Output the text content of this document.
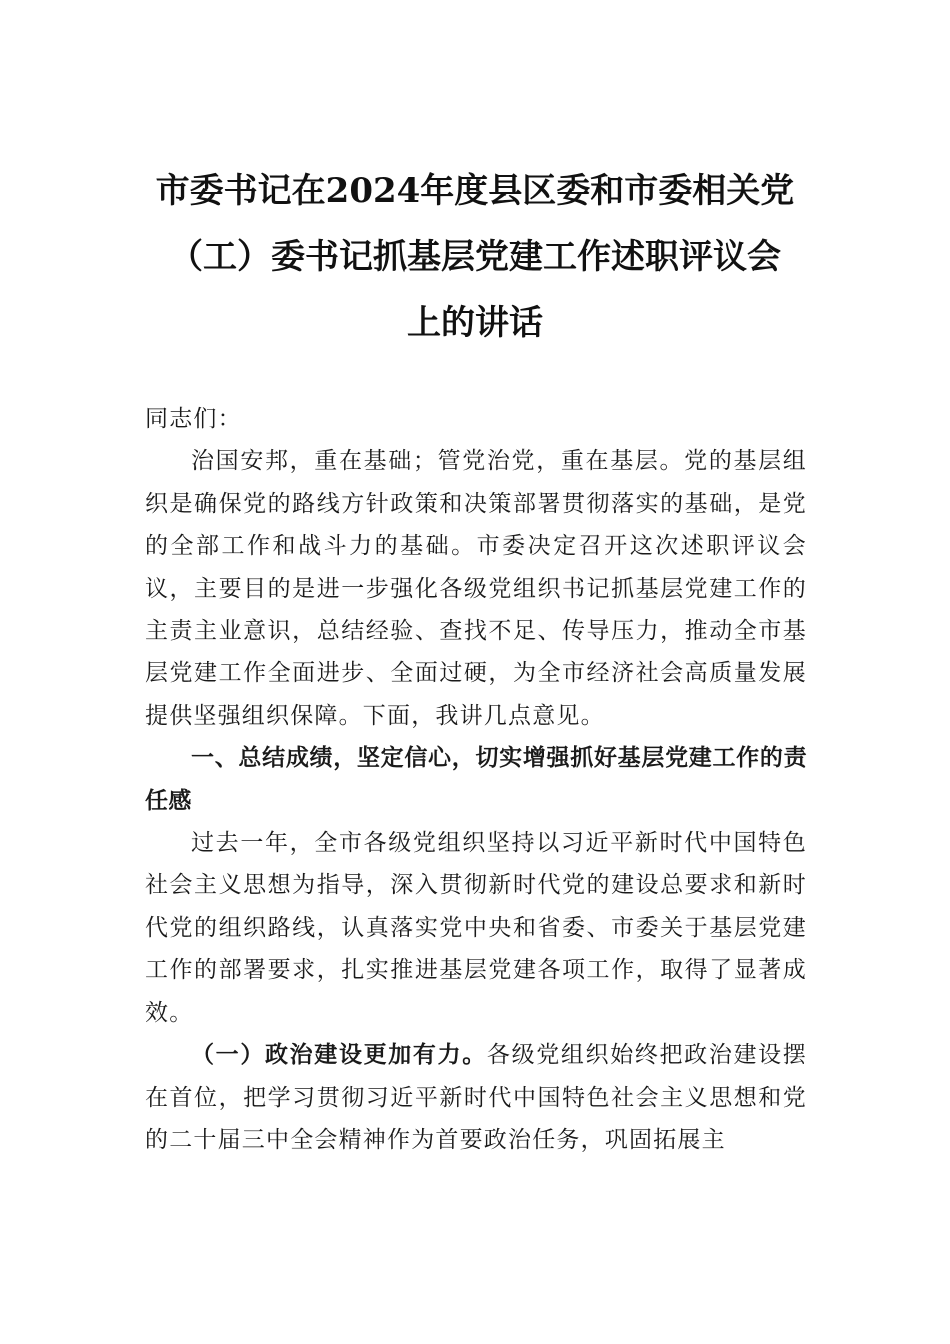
市委书记在2024年度县区委和市委相关党
（工）委书记抓基层党建工作述职评议会
上的讲话

同志们：

治国安邦，重在基础；管党治党，重在基层。党的基层组织是确保党的路线方针政策和决策部署贯彻落实的基础，是党的全部工作和战斗力的基础。市委决定召开这次述职评议会议，主要目的是进一步强化各级党组织书记抓基层党建工作的主责主业意识，总结经验、查找不足、传导压力，推动全市基层党建工作全面进步、全面过硬，为全市经济社会高质量发展提供坚强组织保障。下面，我讲几点意见。

一、总结成绩，坚定信心，切实增强抓好基层党建工作的责任感

过去一年，全市各级党组织坚持以习近平新时代中国特色社会主义思想为指导，深入贯彻新时代党的建设总要求和新时代党的组织路线，认真落实党中央和省委、市委关于基层党建工作的部署要求，扎实推进基层党建各项工作，取得了显著成效。

（一）政治建设更加有力。各级党组织始终把政治建设摆在首位，把学习贯彻习近平新时代中国特色社会主义思想和党的二十届三中全会精神作为首要政治任务，巩固拓展主
